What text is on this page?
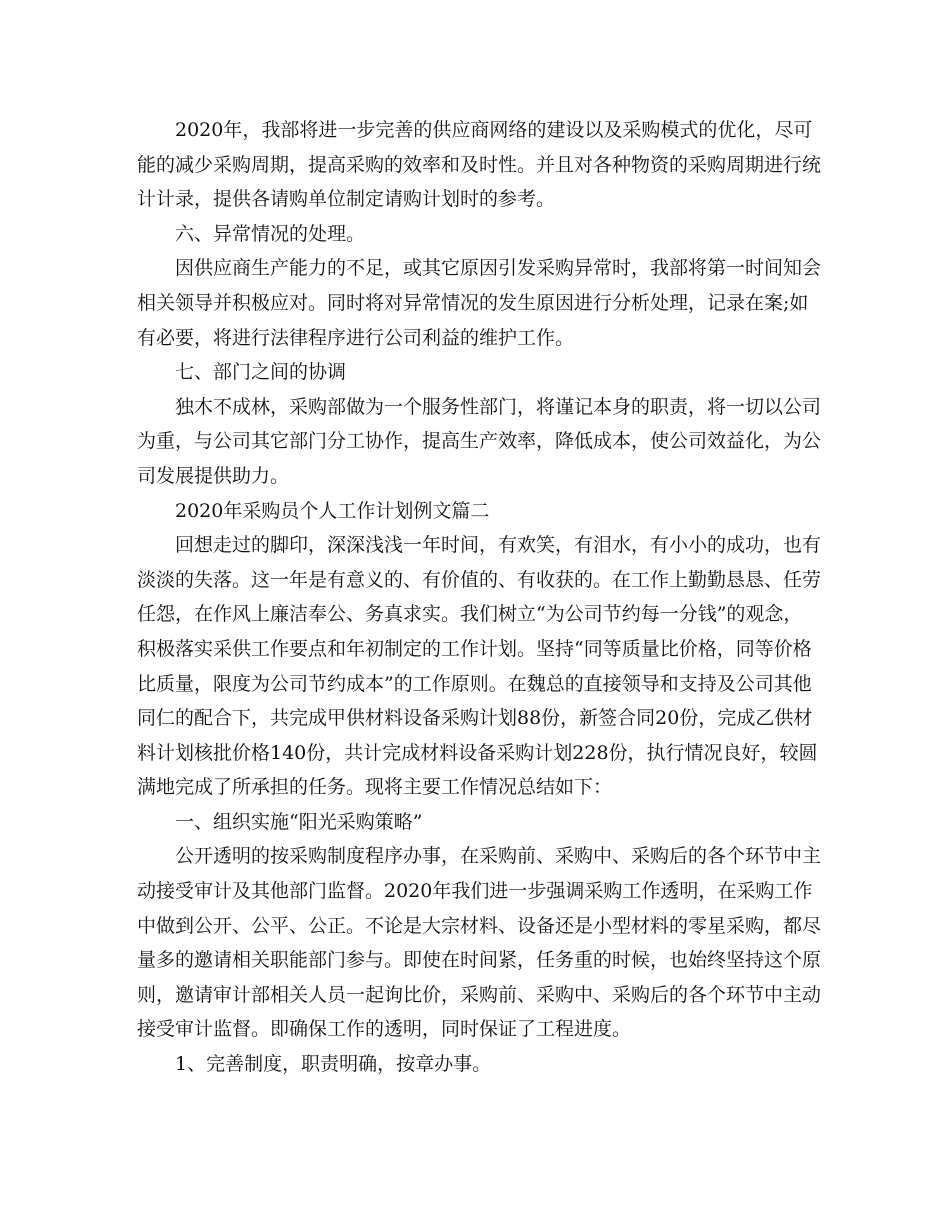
2020年，我部将进一步完善的供应商网络的建设以及采购模式的优化，尽可
能的减少采购周期，提高采购的效率和及时性。并且对各种物资的采购周期进行统
计计录，提供各请购单位制定请购计划时的参考。
六、异常情况的处理。
因供应商生产能力的不足，或其它原因引发采购异常时，我部将第一时间知会
相关领导并积极应对。同时将对异常情况的发生原因进行分析处理，记录在案;如
有必要，将进行法律程序进行公司利益的维护工作。
七、部门之间的协调
独木不成林，采购部做为一个服务性部门，将谨记本身的职责，将一切以公司
为重，与公司其它部门分工协作，提高生产效率，降低成本，使公司效益化，为公
司发展提供助力。
2020年采购员个人工作计划例文篇二
回想走过的脚印，深深浅浅一年时间，有欢笑，有泪水，有小小的成功，也有
淡淡的失落。这一年是有意义的、有价值的、有收获的。在工作上勤勤恳恳、任劳
任怨，在作风上廉洁奉公、务真求实。我们树立“为公司节约每一分钱”的观念，
积极落实采供工作要点和年初制定的工作计划。坚持“同等质量比价格，同等价格
比质量，限度为公司节约成本”的工作原则。在魏总的直接领导和支持及公司其他
同仁的配合下，共完成甲供材料设备采购计划88份，新签合同20份，完成乙供材
料计划核批价格140份，共计完成材料设备采购计划228份，执行情况良好，较圆
满地完成了所承担的任务。现将主要工作情况总结如下：
一、组织实施“阳光采购策略”
公开透明的按采购制度程序办事，在采购前、采购中、采购后的各个环节中主
动接受审计及其他部门监督。2020年我们进一步强调采购工作透明，在采购工作
中做到公开、公平、公正。不论是大宗材料、设备还是小型材料的零星采购，都尽
量多的邀请相关职能部门参与。即使在时间紧，任务重的时候，也始终坚持这个原
则，邀请审计部相关人员一起询比价，采购前、采购中、采购后的各个环节中主动
接受审计监督。即确保工作的透明，同时保证了工程进度。
1、完善制度，职责明确，按章办事。
